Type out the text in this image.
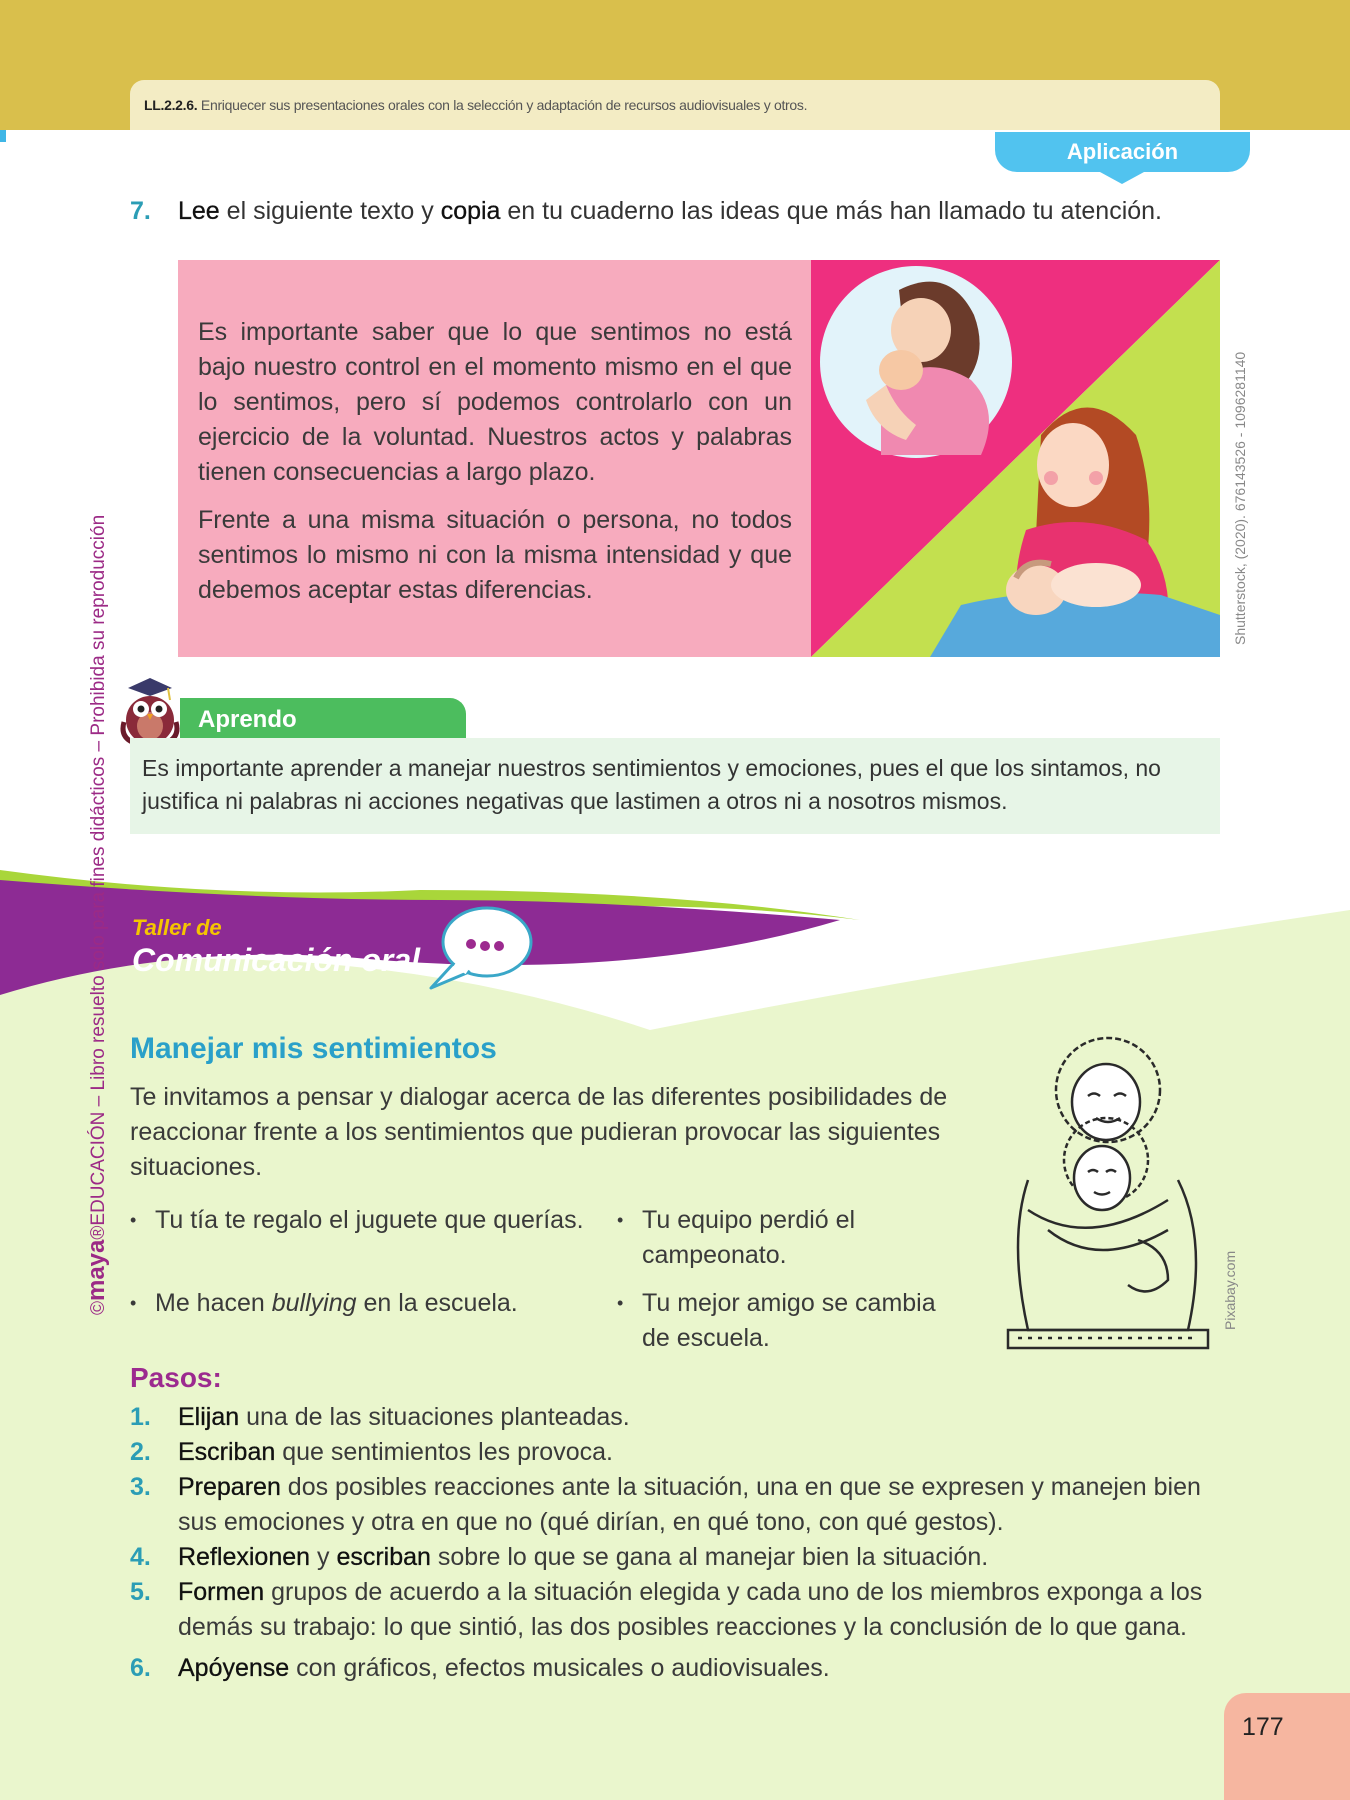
LL.2.2.6. Enriquecer sus presentaciones orales con la selección y adaptación de recursos audiovisuales y otros.
Aplicación
7. Lee el siguiente texto y copia en tu cuaderno las ideas que más han llamado tu atención.

Es importante saber que lo que sentimos no está bajo nuestro control en el momento mismo en el que lo sentimos, pero sí podemos controlarlo con un ejercicio de la voluntad. Nuestros actos y palabras tienen consecuencias a largo plazo.

Frente a una misma situación o persona, no todos sentimos lo mismo ni con la misma intensidad y que debemos aceptar estas diferencias.	Shutterstock, (2020). 676143526 - 1096281140
Aprendo
Es importante aprender a manejar nuestros sentimientos y emociones, pues el que los sintamos, no justifica ni palabras ni acciones negativas que lastimen a otros ni a nosotros mismos.
Taller de
Comunicación oral
©maya®EDUCACIÓN – Libro resuelto solo para fines didácticos – Prohibida su reproducción Manejar mis sentimientos
Te invitamos a pensar y dialogar acerca de las diferentes posibilidades de reaccionar frente a los sentimientos que pudieran provocar las siguientes situaciones.
• Tu tía te regalo el juguete que querías.	• Tu equipo perdió el campeonato.
• Me hacen bullying en la escuela.	• Tu mejor amigo se cambia de escuela.
Pixabay.com
Pasos:
1. Elijan una de las situaciones planteadas.
2. Escriban que sentimientos les provoca.
3. Preparen dos posibles reacciones ante la situación, una en que se expresen y manejen bien sus emociones y otra en que no (qué dirían, en qué tono, con qué gestos).
4. Reflexionen y escriban sobre lo que se gana al manejar bien la situación.
5. Formen grupos de acuerdo a la situación elegida y cada uno de los miembros exponga a los demás su trabajo: lo que sintió, las dos posibles reacciones y la conclusión de lo que gana.
6. Apóyense con gráficos, efectos musicales o audiovisuales.
177
